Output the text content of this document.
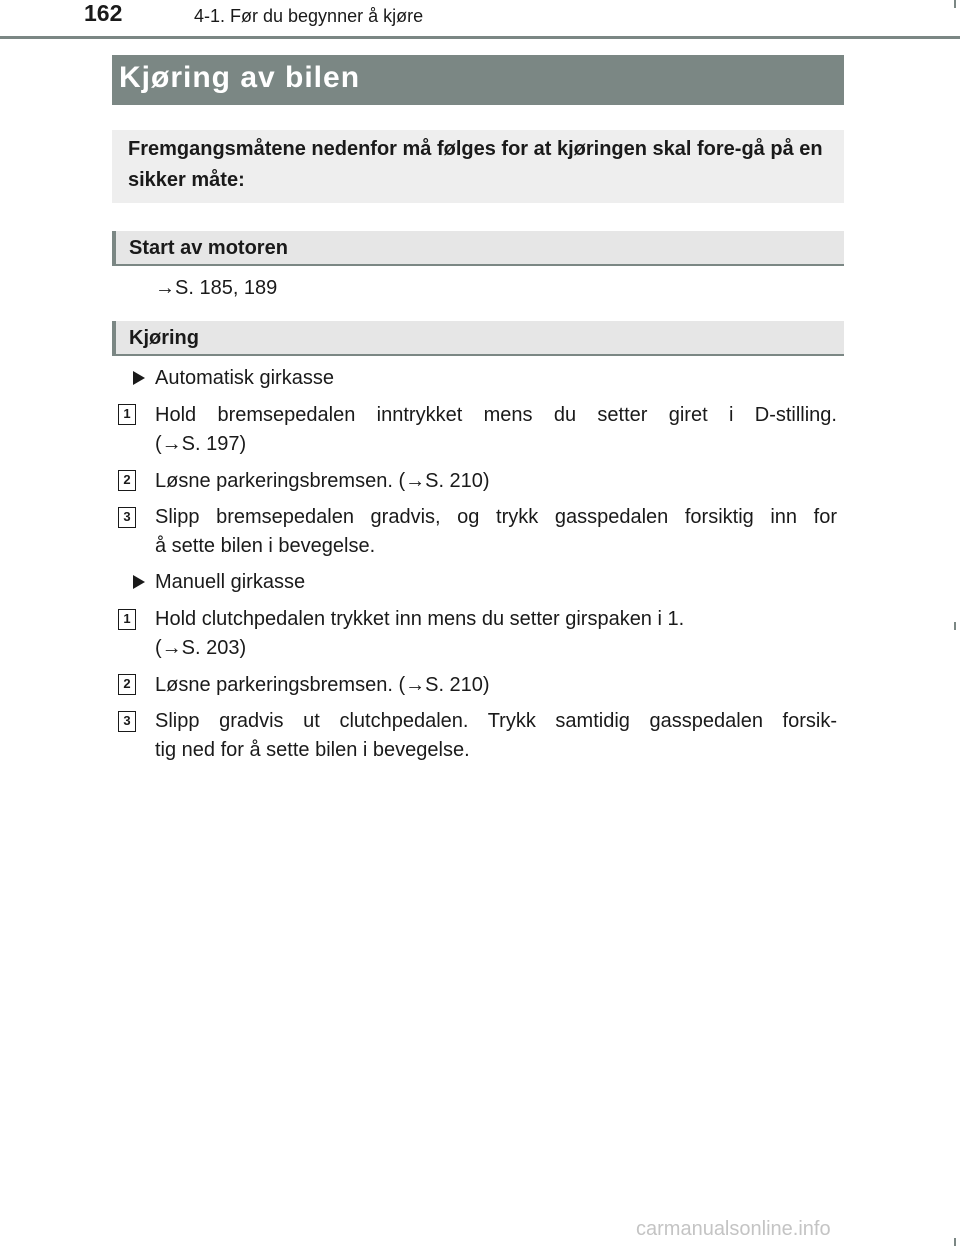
162	4-1. Før du begynner å kjøre
Kjøring av bilen
Fremgangsmåtene nedenfor må følges for at kjøringen skal fore-gå på en sikker måte:
Start av motoren
→S. 185, 189
Kjøring
Automatisk girkasse
1 Hold bremsepedalen inntrykket mens du setter giret i D-stilling.
(→S. 197)
2 Løsne parkeringsbremsen. (→S. 210)
3 Slipp bremsepedalen gradvis, og trykk gasspedalen forsiktig inn for
å sette bilen i bevegelse.
Manuell girkasse
1 Hold clutchpedalen trykket inn mens du setter girspaken i 1.
(→S. 203)
2 Løsne parkeringsbremsen. (→S. 210)
3 Slipp gradvis ut clutchpedalen. Trykk samtidig gasspedalen forsik-
tig ned for å sette bilen i bevegelse.
carmanualsonline.info
